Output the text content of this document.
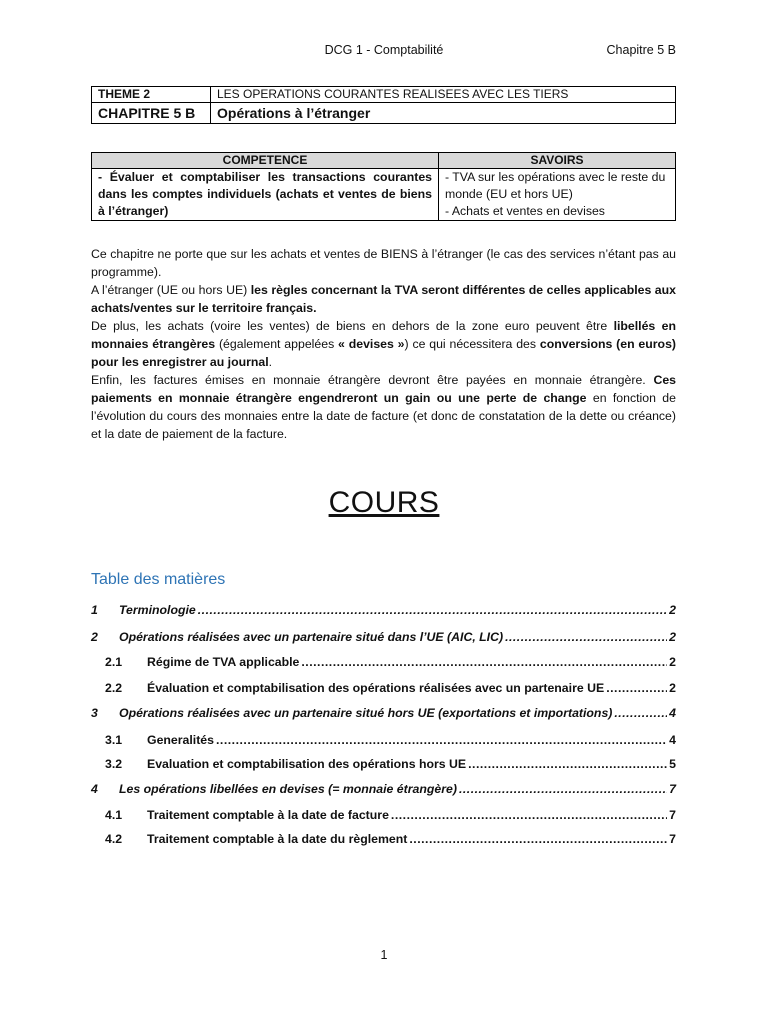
DCG 1 - Comptabilité	Chapitre 5 B
THEME 2	LES OPERATIONS COURANTES REALISEES AVEC LES TIERS
CHAPITRE 5 B	Opérations à l’étranger
COMPETENCE	SAVOIRS
- Évaluer et comptabiliser les transactions courantes dans les comptes individuels (achats et ventes de biens à l’étranger)	- TVA sur les opérations avec le reste du monde (EU et hors UE)
- Achats et ventes en devises

Ce chapitre ne porte que sur les achats et ventes de BIENS à l’étranger (le cas des services n’étant pas au programme).

A l’étranger (UE ou hors UE) les règles concernant la TVA seront différentes de celles applicables aux achats/ventes sur le territoire français.

De plus, les achats (voire les ventes) de biens en dehors de la zone euro peuvent être libellés en monnaies étrangères (également appelées « devises ») ce qui nécessitera des conversions (en euros) pour les enregistrer au journal.

Enfin, les factures émises en monnaie étrangère devront être payées en monnaie étrangère. Ces paiements en monnaie étrangère engendreront un gain ou une perte de change en fonction de l’évolution du cours des monnaies entre la date de facture (et donc de constatation de la dette ou créance) et la date de paiement de la facture.

COURS
Table des matières
1	Terminologie .....	2
2	Opérations réalisées avec un partenaire situé dans l’UE (AIC, LIC) .....	2
2.1	Régime de TVA applicable .....	2
2.2	Évaluation et comptabilisation des opérations réalisées avec un partenaire UE .....	2
3	Opérations réalisées avec un partenaire situé hors UE (exportations et importations) .....	4
3.1	Generalités .....	4
3.2	Evaluation et comptabilisation des opérations hors UE .....	5
4	Les opérations libellées en devises (= monnaie étrangère) .....	7
4.1	Traitement comptable à la date de facture .....	7
4.2	Traitement comptable à la date du règlement .....	7
1
